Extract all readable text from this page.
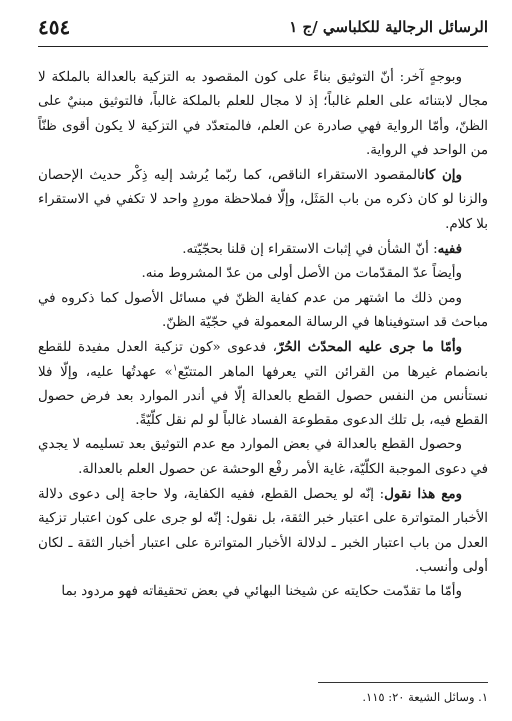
الرسائل الرجالية للكلباسي /ج ١
٤٥٤

وبوجهٍ آخر: أنّ التوثيق بناءً على كون المقصود به التزكية بالعدالة بالملكة لا مجال لابتنائه على العلم غالباً؛ إذ لا مجال للعلم بالملكة غالباً، فالتوثيق مبنيٌ على الظنّ، وأمّا الرواية فهي صادرة عن العلم، فالمتعدّد في التزكية لا يكون أقوى ظنّاً من الواحد في الرواية.

وإن كانالمقصود الاستقراء الناقص، كما ربّما يُرشد إليه ذِكْر حديث الإحصان والزنا لو كان ذكره من باب المَثَل، وإلّا فملاحظة موردٍ واحد لا تكفي في الاستقراء بلا كلام.

ففيه: أنّ الشأن في إثبات الاستقراء إن قلنا بحجّيّته.

وأيضاً عدّ المقدّمات من الأصل أولى من عدّ المشروط منه.

ومن ذلك ما اشتهر من عدم كفاية الظنّ في مسائل الأصول كما ذكروه في مباحث قد استوفيناها في الرسالة المعمولة في حجّيّة الظنّ.

وأمّا ما جرى عليه المحدّث الحُرّ، فدعوى «كون تزكية العدل مفيدة للقطع بانضمام غيرها من القرائن التي يعرفها الماهر المتتبّع$^١$» عهدتُها عليه، وإلّا فلا نستأنس من النفس حصول القطع بالعدالة إلّا في أندر الموارد بعد فرض حصول القطع فيه، بل تلك الدعوى مقطوعة الفساد غالباً لو لم نقل كلّيّةً.

وحصول القطع بالعدالة في بعض الموارد مع عدم التوثيق بعد تسليمه لا يجدي في دعوى الموجبة الكلّيّة، غاية الأمر رفْع الوحشة عن حصول العلم بالعدالة.

ومع هذا نقول: إنّه لو يحصل القطع، ففيه الكفاية، ولا حاجة إلى دعوى دلالة الأخبار المتواترة على اعتبار خبر الثقة، بل نقول: إنّه لو جرى على كون اعتبار تزكية العدل من باب اعتبار الخبر ـ لدلالة الأخبار المتواترة على اعتبار أخبار الثقة ـ لكان أولى وأنسب.

وأمّا ما تقدّمت حكايته عن شيخنا البهائي في بعض تحقيقاته فهو مردود بما

١. وسائل الشيعة ٢٠: ١١٥.
